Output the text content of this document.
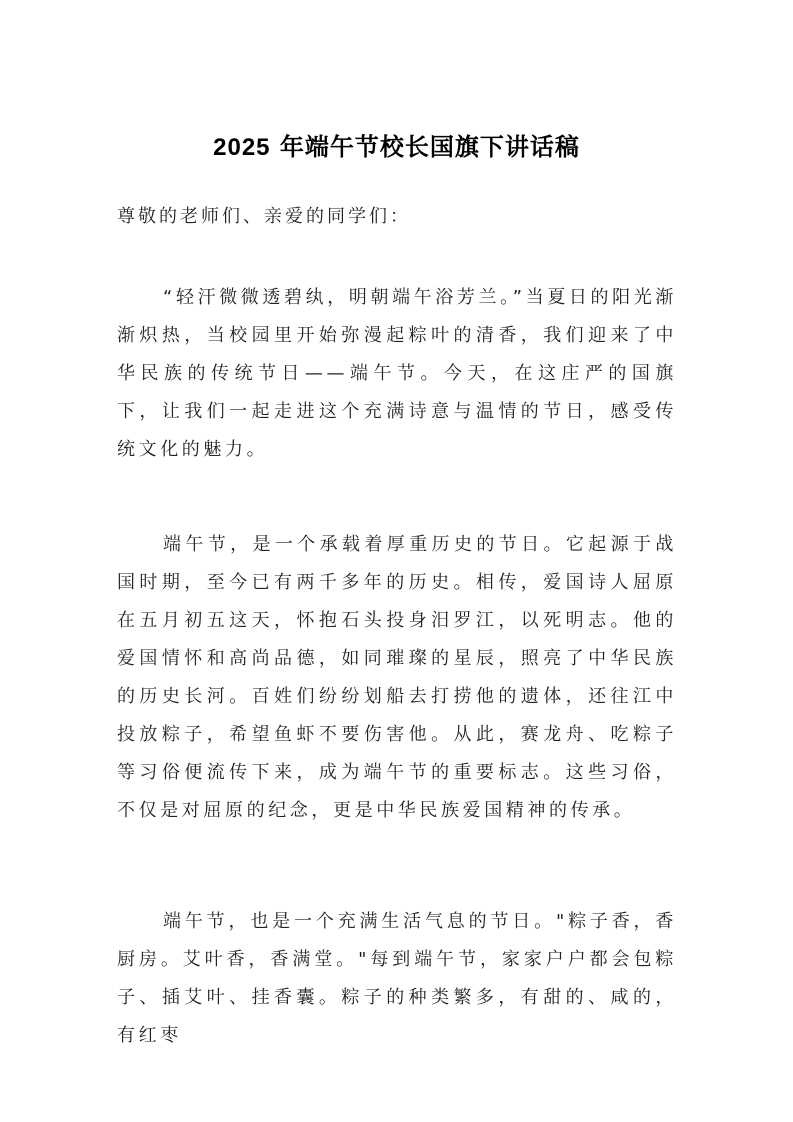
2025 年端午节校长国旗下讲话稿
尊敬的老师们、亲爱的同学们：

“轻汗微微透碧纨，明朝端午浴芳兰。”当夏日的阳光渐渐炽热，当校园里开始弥漫起粽叶的清香，我们迎来了中华民族的传统节日——端午节。今天，在这庄严的国旗下，让我们一起走进这个充满诗意与温情的节日，感受传统文化的魅力。

端午节，是一个承载着厚重历史的节日。它起源于战国时期，至今已有两千多年的历史。相传，爱国诗人屈原在五月初五这天，怀抱石头投身汨罗江，以死明志。他的爱国情怀和高尚品德，如同璀璨的星辰，照亮了中华民族的历史长河。百姓们纷纷划船去打捞他的遗体，还往江中投放粽子，希望鱼虾不要伤害他。从此，赛龙舟、吃粽子等习俗便流传下来，成为端午节的重要标志。这些习俗，不仅是对屈原的纪念，更是中华民族爱国精神的传承。

端午节，也是一个充满生活气息的节日。"粽子香，香厨房。艾叶香，香满堂。"每到端午节，家家户户都会包粽子、插艾叶、挂香囊。粽子的种类繁多，有甜的、咸的，有红枣
